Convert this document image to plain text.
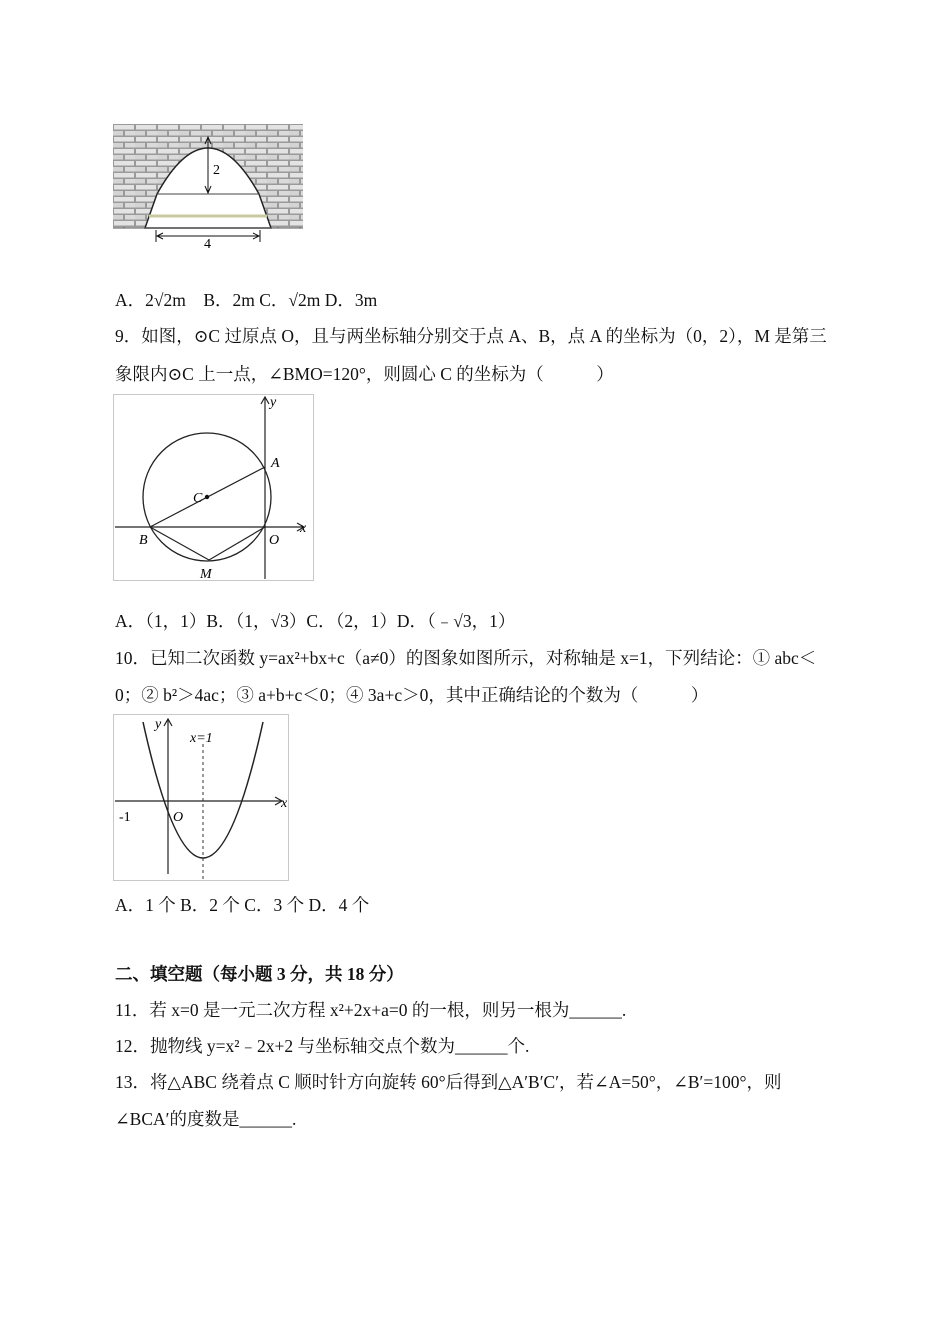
2
4
A．2√2m　B．2m C．√2m D．3m
9．如图，⊙C 过原点 O，且与两坐标轴分别交于点 A、B，点 A 的坐标为（0，2），M 是第三
象限内⊙C 上一点，∠BMO=120°，则圆心 C 的坐标为（　　　）
x
y
C
A
B	O
M
A．（1，1）B．（1，√3）C．（2，1）D．（﹣√3，1）
10．已知二次函数 y=ax²+bx+c（a≠0）的图象如图所示，对称轴是 x=1，下列结论：① abc＜
0；② b²＞4ac；③ a+b+c＜0；④ 3a+c＞0，其中正确结论的个数为（　　　）
x
y
x=1
-1	O
A．1 个 B．2 个 C．3 个 D．4 个
二、填空题（每小题 3 分，共 18 分）
11．若 x=0 是一元二次方程 x²+2x+a=0 的一根，则另一根为______.
12．抛物线 y=x²﹣2x+2 与坐标轴交点个数为______个.
13．将△ABC 绕着点 C 顺时针方向旋转 60°后得到△A′B′C′，若∠A=50°，∠B′=100°，则
∠BCA′的度数是______.
